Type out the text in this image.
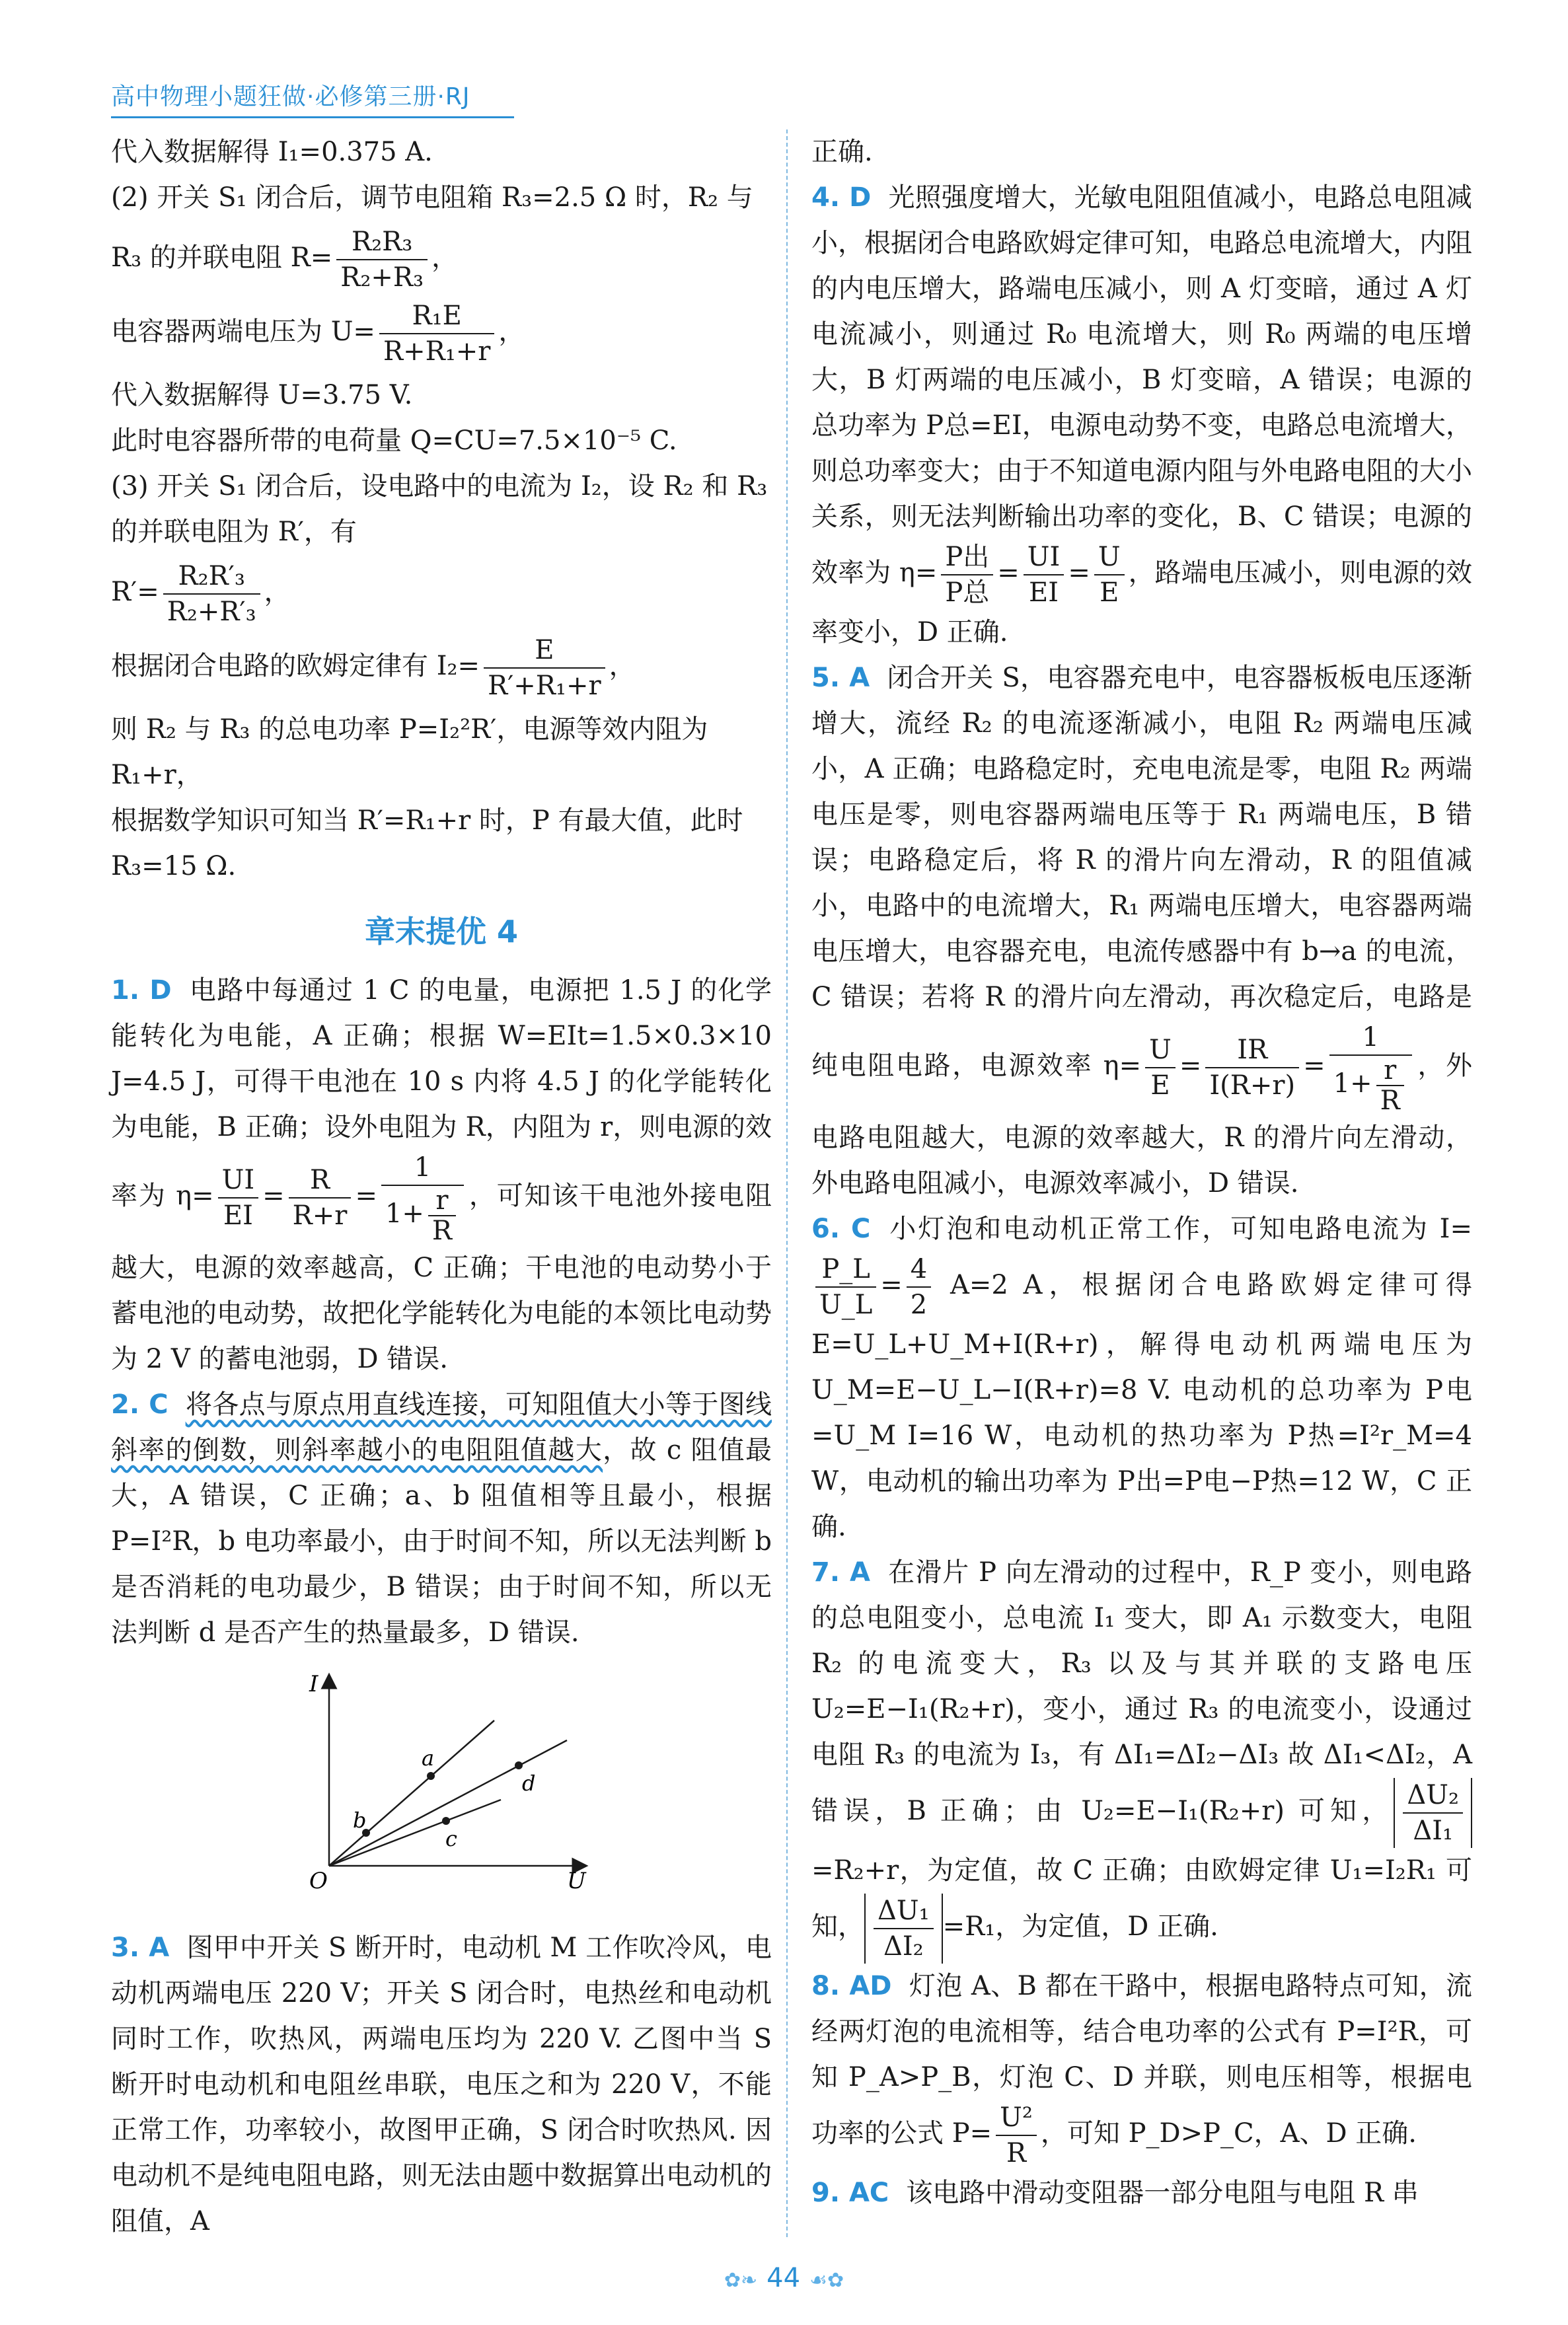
高中物理小题狂做·必修第三册·RJ

代入数据解得 I₁=0.375 A.

(2) 开关 S₁ 闭合后，调节电阻箱 R₃=2.5 Ω 时，R₂ 与

R₃ 的并联电阻 $R= \frac{\text{R₂R₃}}{\text{R₂+R₃}}$ ，

电容器两端电压为 $U= \frac{\text{R₁E}}{\text{R+R₁+r}}$ ，

代入数据解得 U=3.75 V.

此时电容器所带的电荷量 Q=CU=7.5×10⁻⁵ C.

(3) 开关 S₁ 闭合后，设电路中的电流为 I₂，设 R₂ 和 R₃

的并联电阻为 R′，有

$R'= \frac{\text{R₂R′₃}}{\text{R₂+R′₃}}$ ，

根据闭合电路的欧姆定律有 $I_2= \frac{E}{\text{R′+R₁+r}}$ ，

则 R₂ 与 R₃ 的总电功率 P=I₂²R′，电源等效内阻为

R₁+r，

根据数学知识可知当 R′=R₁+r 时，P 有最大值，此时

R₃=15 Ω.

章末提优 4

1. D 电路中每通过 1 C 的电量，电源把 1.5 J 的化学能转化为电能，A 正确；根据 W=EIt=1.5×0.3×10 J=4.5 J，可得干电池在 10 s 内将 4.5 J 的化学能转化为电能，B 正确；设外电阻为 R，内阻为 r，则电源的效率为 $\eta= \frac{UI}{EI} = \frac{R}{R+r} = \frac{1}{1+ \frac{r}{R}}$ ，可知该干电池外接电阻越大，电源的效率越高，C 正确；干电池的电动势小于蓄电池的电动势，故把化学能转化为电能的本领比电动势为 2 V 的蓄电池弱，D 错误.

2. C 将各点与原点用直线连接，可知阻值大小等于图线斜率的倒数，则斜率越小的电阻阻值越大，故 c 阻值最大，A 错误，C 正确；a、b 阻值相等且最小，根据 P=I²R，b 电功率最小，由于时间不知，所以无法判断 b 是否消耗的电功最少，B 错误；由于时间不知，所以无法判断 d 是否产生的热量最多，D 错误.

I
U
O
a
b
d
c

3. A 图甲中开关 S 断开时，电动机 M 工作吹冷风，电动机两端电压 220 V；开关 S 闭合时，电热丝和电动机同时工作，吹热风，两端电压均为 220 V. 乙图中当 S 断开时电动机和电阻丝串联，电压之和为 220 V，不能正常工作，功率较小，故图甲正确，S 闭合时吹热风. 因电动机不是纯电阻电路，则无法由题中数据算出电动机的阻值，A

正确.

4. D 光照强度增大，光敏电阻阻值减小，电路总电阻减小，根据闭合电路欧姆定律可知，电路总电流增大，内阻的内电压增大，路端电压减小，则 A 灯变暗，通过 A 灯电流减小，则通过 R₀ 电流增大，则 R₀ 两端的电压增大，B 灯两端的电压减小，B 灯变暗，A 错误；电源的总功率为 P总=EI，电源电动势不变，电路总电流增大，则总功率变大；由于不知道电源内阻与外电路电阻的大小关系，则无法判断输出功率的变化，B、C 错误；电源的效率为 $\eta= \frac{\text{P出}}{\text{P总}} = \frac{UI}{EI} = \frac{U}{E}$ ，路端电压减小，则电源的效率变小，D 正确.

5. A 闭合开关 S，电容器充电中，电容器板板电压逐渐增大，流经 R₂ 的电流逐渐减小，电阻 R₂ 两端电压减小，A 正确；电路稳定时，充电电流是零，电阻 R₂ 两端电压是零，则电容器两端电压等于 R₁ 两端电压，B 错误；电路稳定后，将 R 的滑片向左滑动，R 的阻值减小，电路中的电流增大，R₁ 两端电压增大，电容器两端电压增大，电容器充电，电流传感器中有 b→a 的电流，C 错误；若将 R 的滑片向左滑动，再次稳定后，电路是纯电阻电路，电源效率 $\eta= \frac{U}{E} = \frac{IR}{I(R+r)} = \frac{1}{1+ \frac{r}{R}}$ ，外电路电阻越大，电源的效率越大，R 的滑片向左滑动，外电路电阻减小，电源效率减小，D 错误.

6. C 小灯泡和电动机正常工作，可知电路电流为 I=
$\frac{P\_L}{U\_L} = \frac{4}{2} A=2$ A，根据闭合电路欧姆定律可得 E=U_L+U_M+I(R+r)，解得电动机两端电压为 U_M=E−U_L−I(R+r)=8 V. 电动机的总功率为 P电=U_M I=16 W，电动机的热功率为 P热=I²r_M=4 W，电动机的输出功率为 P出=P电−P热=12 W，C 正确.

7. A 在滑片 P 向左滑动的过程中，R_P 变小，则电路的总电阻变小，总电流 I₁ 变大，即 A₁ 示数变大，电阻 R₂ 的电流变大，R₃ 以及与其并联的支路电压 U₂=E−I₁(R₂+r)，变小，通过 R₃ 的电流变小，设通过电阻 R₃ 的电流为 I₃，有 ΔI₁=ΔI₂−ΔI₃ 故 ΔI₁<ΔI₂，A 错误，B 正确；由 U₂=E−I₁(R₂+r) 可知， $\frac{\text{ΔU₂}}{\text{ΔI₁}}$
=R₂+r，为定值，故 C 正确；由欧姆定律 U₁=I₂R₁ 可知， $\frac{\text{ΔU₁}}{\text{ΔI₂}} =R_1$，为定值，D 正确.

8. AD 灯泡 A、B 都在干路中，根据电路特点可知，流经两灯泡的电流相等，结合电功率的公式有 P=I²R，可知 P_A>P_B，灯泡 C、D 并联，则电压相等，根据电功率的公式 $P= \frac{\text{U²}}{R}$ ，可知 P_D>P_C，A、D 正确.

9. AC 该电路中滑动变阻器一部分电阻与电阻 R 串

✿❧ 44 ☙✿
